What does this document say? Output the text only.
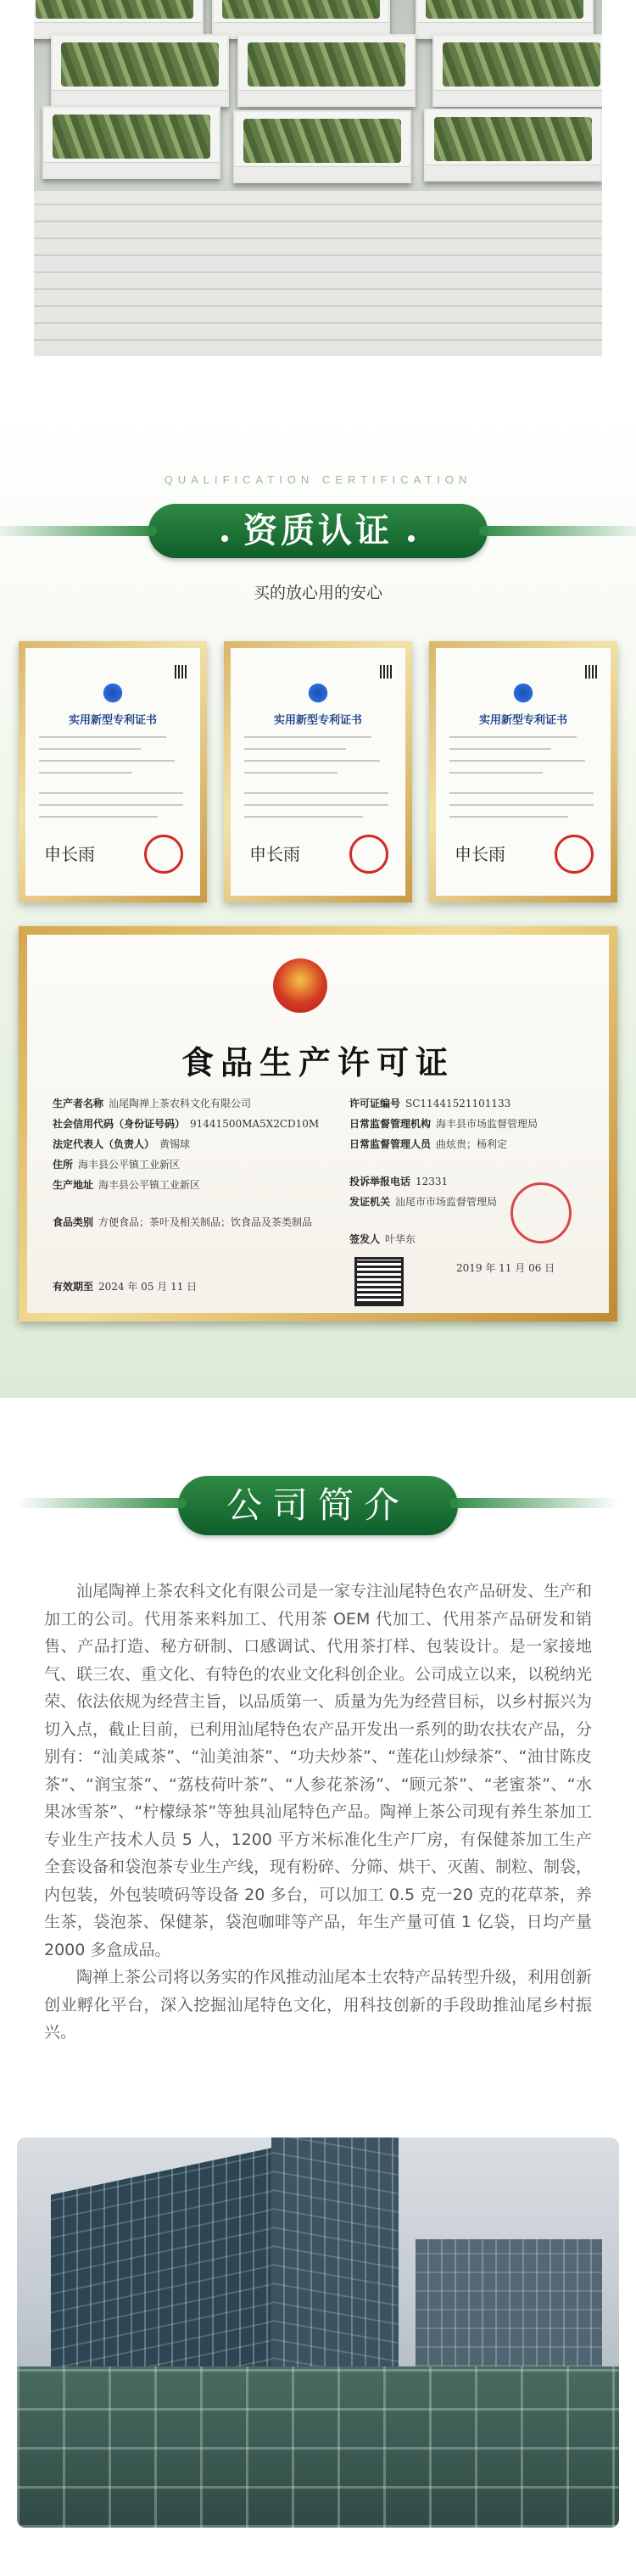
QUALIFICATION CERTIFICATION
资质认证
买的放心用的安心
实用新型专利证书
申长雨
实用新型专利证书
申长雨
实用新型专利证书
申长雨
食品生产许可证
生产者名称 汕尾陶禅上茶农科文化有限公司
社会信用代码（身份证号码） 91441500MA5X2CD10M
法定代表人（负责人） 黄锡球
住所 海丰县公平镇工业新区
生产地址 海丰县公平镇工业新区
食品类别 方便食品；茶叶及相关制品；饮食品及茶类制品
有效期至 2024 年 05 月 11 日
许可证编号 SC11441521101133
日常监督管理机构 海丰县市场监督管理局
日常监督管理人员 曲炫贵；杨利定
投诉举报电话 12331
发证机关 汕尾市市场监督管理局
签发人 叶华东
2019 年 11 月 06 日
公司简介

汕尾陶禅上茶农科文化有限公司是一家专注汕尾特色农产品研发、生产和加工的公司。代用茶来料加工、代用茶 OEM 代加工、代用茶产品研发和销售、产品打造、秘方研制、口感调试、代用茶打样、包装设计。是一家接地气、联三农、重文化、有特色的农业文化科创企业。公司成立以来，以税纳光荣、依法依规为经营主旨，以品质第一、质量为先为经营目标，以乡村振兴为切入点，截止目前，已利用汕尾特色农产品开发出一系列的助农扶农产品，分别有：“汕美咸茶”、“汕美油茶”、“功夫炒茶”、“莲花山炒绿茶”、“油甘陈皮茶”、“润宝茶”、“荔枝荷叶茶”、“人参花茶汤”、“顾元茶”、“老蜜茶”、“水果冰雪茶”、“柠檬绿茶”等独具汕尾特色产品。陶禅上茶公司现有养生茶加工专业生产技术人员 5 人，1200 平方米标准化生产厂房，有保健茶加工生产全套设备和袋泡茶专业生产线，现有粉碎、分筛、烘干、灭菌、制粒、制袋，内包装，外包装喷码等设备 20 多台，可以加工 0.5 克一20 克的花草茶，养生茶，袋泡茶、保健茶，袋泡咖啡等产品，年生产量可值 1 亿袋，日均产量 2000 多盒成品。

陶禅上茶公司将以务实的作风推动汕尾本土农特产品转型升级，利用创新创业孵化平台，深入挖掘汕尾特色文化，用科技创新的手段助推汕尾乡村振兴。
